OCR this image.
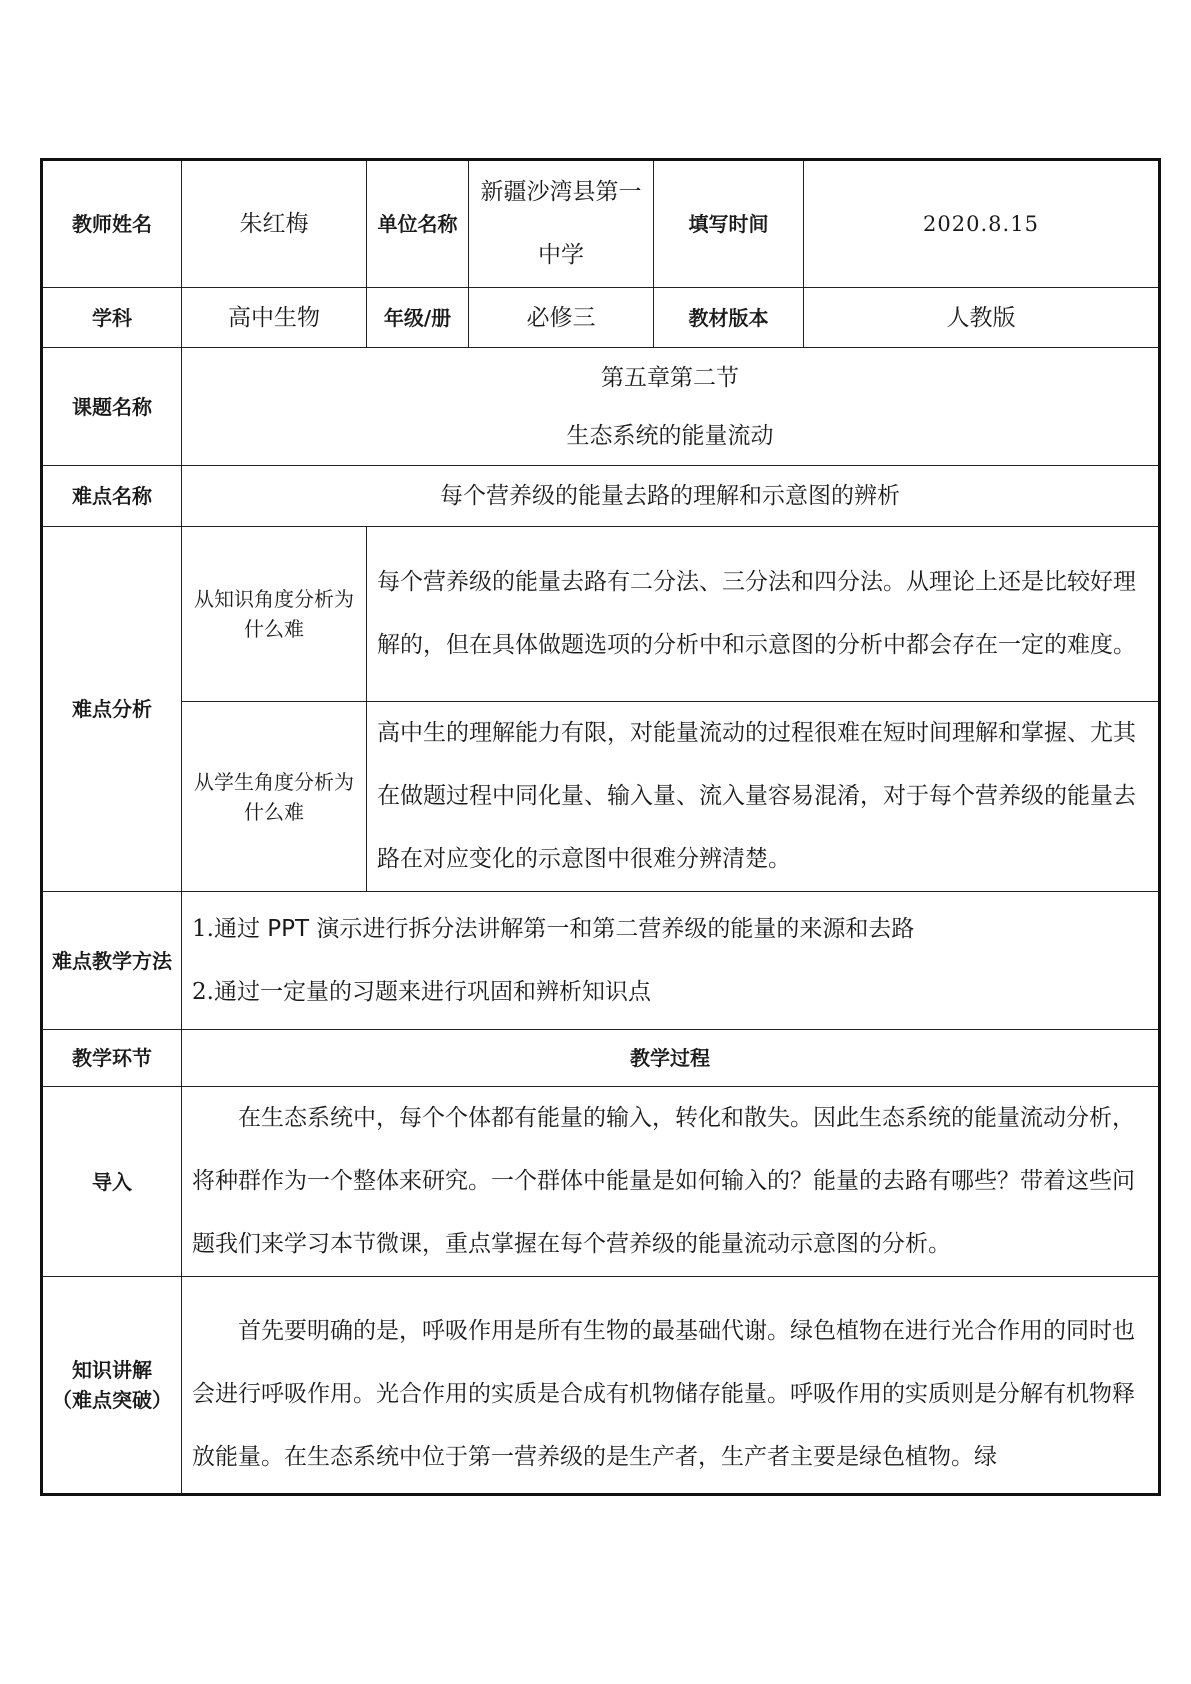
教师姓名	朱红梅	单位名称	新疆沙湾县第一中学	填写时间	2020.8.15
学科	高中生物	年级/册	必修三	教材版本	人教版
课题名称	第五章第二节
生态系统的能量流动				

难点名称	每个营养级的能量去路的理解和示意图的辨析				
难点分析	从知识角度分析为什么难	每个营养级的能量去路有二分法、三分法和四分法。从理论上还是比较好理解的，但在具体做题选项的分析中和示意图的分析中都会存在一定的难度。			
	从学生角度分析为什么难	高中生的理解能力有限，对能量流动的过程很难在短时间理解和掌握、尤其在做题过程中同化量、输入量、流入量容易混淆，对于每个营养级的能量去路在对应变化的示意图中很难分辨清楚。			
难点教学方法	1.通过 PPT 演示进行拆分法讲解第一和第二营养级的能量的来源和去路
2.通过一定量的习题来进行巩固和辨析知识点				

教学环节	教学过程				
导入	在生态系统中，每个个体都有能量的输入，转化和散失。因此生态系统的能量流动分析，将种群作为一个整体来研究。一个群体中能量是如何输入的？能量的去路有哪些？带着这些问题我们来学习本节微课，重点掌握在每个营养级的能量流动示意图的分析。				

知识讲解
（难点突破）	首先要明确的是，呼吸作用是所有生物的最基础代谢。绿色植物在进行光合作用的同时也会进行呼吸作用。光合作用的实质是合成有机物储存能量。呼吸作用的实质则是分解有机物释放能量。在生态系统中位于第一营养级的是生产者，生产者主要是绿色植物。绿				
